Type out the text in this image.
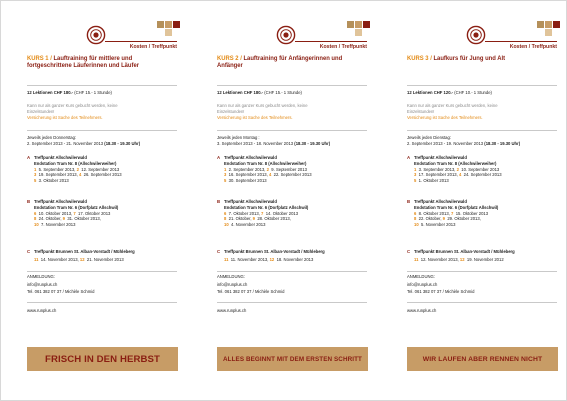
Kosten / Treffpunkt
KURS 1 / Lauftraining für mittlere und fortgeschrittene Läuferinnen und Läufer
12 Lektionen CHF 180.- (CHF 15.- 1 Stunde)
Kann nur als ganzer Kurs gebucht werden, keine
Einzelstunden!
Versicherung ist Sache des Teilnehmers.
Jeweils jeden Donnerstag:
2. September 2013 - 21. November 2013 (18.30 - 19.30 Uhr)
A Treffpunkt Allschwilerwald
Endstation Tram Nr. 8 (Allschwilerweiher)
1 5. September 2013, 2 12. September 2013
3 19. September 2013, 4 26. September 2013
5 3. Oktober 2013
B Treffpunkt Allschwilerwald
Endstation Tram Nr. 6 (Dorfplatz Allschwil)
6 10. Oktober 2013, 7 17. Oktober 2013
8 24. Oktober, 9 31. Oktober 2013,
10 7. November 2013
C Treffpunkt Brunnen St. Alban-Vorstadt / Mühleberg
11 14. November 2013, 12 21. November 2013
ANMELDUNG:
info@runplus.ch
Tel. 061 382 07 37 / Michèle Schmid
www.runplus.ch
FRISCH IN DEN HERBST
Kosten / Treffpunkt
KURS 2 / Lauftraining für Anfängerinnen und Anfänger
12 Lektionen CHF 180.- (CHF 15.- 1 Stunde)
Kann nur als ganzer Kurs gebucht werden, keine
Einzelstunden!
Versicherung ist Sache des Teilnehmers.
Jeweils jeden Montag :
3. September 2013 - 18. November 2013 (18.30 - 19.30 Uhr)
A Treffpunkt Allschwilerwald
Endstation Tram Nr. 8 (Allschwilerweiher)
1 2. September 2013, 2 9. September 2013
3 16. September 2013, 4 22. September 2013
5 30. September 2013
B Treffpunkt Allschwilerwald
Endstation Tram Nr. 6 (Dorfplatz Allschwil)
6 7. Oktober 2013, 7 14. Oktober 2013
8 21. Oktober, 9 28. Oktober 2013,
10 4. November 2013
C Treffpunkt Brunnen St. Alban-Vorstadt / Mühleberg
11 11. November 2013, 12 18. November 2013
ANMELDUNG:
info@runplus.ch
Tel. 061 382 07 37 / Michèle Schmid
www.runplus.ch
ALLES BEGINNT MIT DEM ERSTEN SCHRITT
Kosten / Treffpunkt
KURS 3 / Laufkurs für Jung und Alt
12 Lektionen CHF 120.- (CHF 10.- 1 Stunde)
Kann nur als ganzer Kurs gebucht werden, keine
Einzelstunden!
Versicherung ist Sache des Teilnehmers.
Jeweils jeden Dienstag:
2. September 2013 - 19. November 2013 (18.30 - 19.30 Uhr)
A Treffpunkt Allschwilerwald
Endstation Tram Nr. 8 (Allschwilerweiher)
1 3. September 2013, 2 10. September 2013
3 17. September 2013, 4 24. September 2013
5 1. Oktober 2013
B Treffpunkt Allschwilerwald
Endstation Tram Nr. 6 (Dorfplatz Allschwil)
6 8. Oktober 2013, 7 15. Oktober 2013
8 22. Oktober, 9 29. Oktober 2013,
10 5. November 2013
C Treffpunkt Brunnen St. Alban-Vorstadt / Mühleberg
11 12. November 2013, 12 19. November 2012
ANMELDUNG:
info@runplus.ch
Tel. 061 382 07 37 / Michèle Schmid
www.runplus.ch
WIR LAUFEN ABER RENNEN NICHT
